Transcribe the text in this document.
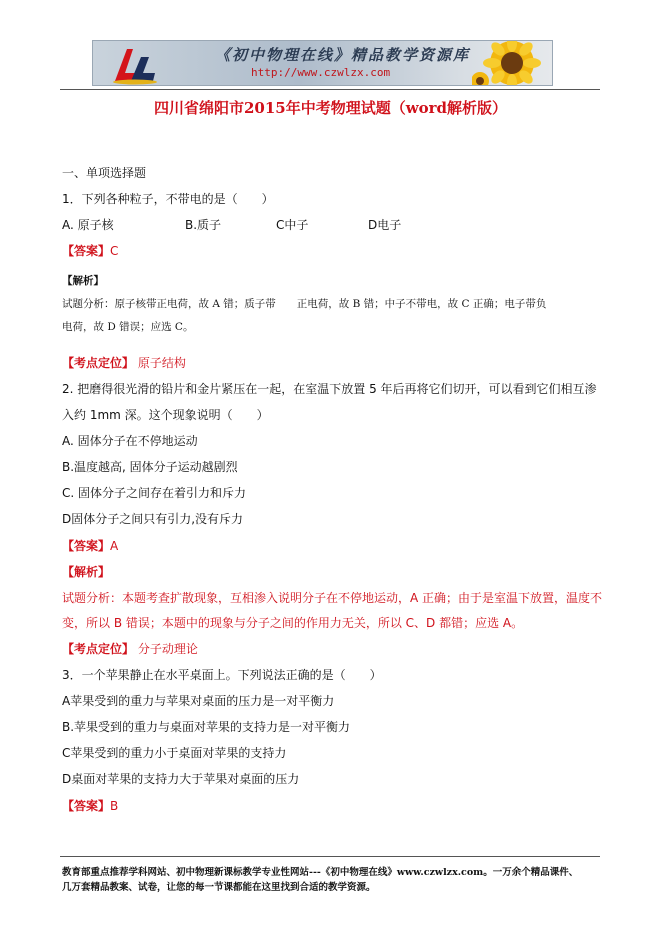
《初中物理在线》精品教学资源库
http://www.czwlzx.com
四川省绵阳市2015年中考物理试题（word解析版）
一、单项选择题
1．下列各种粒子，不带电的是（　　）
A. 原子核	B.质子	C中子	D电子
【答案】C
【解析】
试题分析：原子核带正电荷，故 A 错；质子带　　正电荷，故 B 错；中子不带电，故 C 正确；电子带负
电荷，故 D 错误；应选 C。
【考点定位】 原子结构
2. 把磨得很光滑的铅片和金片紧压在一起，在室温下放置 5 年后再将它们切开，可以看到它们相互渗
入约 1mm 深。这个现象说明（　　）
A. 固体分子在不停地运动
B.温度越高, 固体分子运动越剧烈
C. 固体分子之间存在着引力和斥力
D固体分子之间只有引力,没有斥力
【答案】A
【解析】
试题分析：本题考查扩散现象，互相渗入说明分子在不停地运动，A 正确；由于是室温下放置，温度不
变，所以 B 错误；本题中的现象与分子之间的作用力无关，所以 C、D 都错；应选 A。
【考点定位】 分子动理论
3．一个苹果静止在水平桌面上。下列说法正确的是（　　）
A苹果受到的重力与苹果对桌面的压力是一对平衡力
B.苹果受到的重力与桌面对苹果的支持力是一对平衡力
C苹果受到的重力小于桌面对苹果的支持力
D桌面对苹果的支持力大于苹果对桌面的压力
【答案】B
教育部重点推荐学科网站、初中物理新课标教学专业性网站---《初中物理在线》www.czwlzx.com。一万余个精品课件、
几万套精品教案、试卷，让您的每一节课都能在这里找到合适的教学资源。
